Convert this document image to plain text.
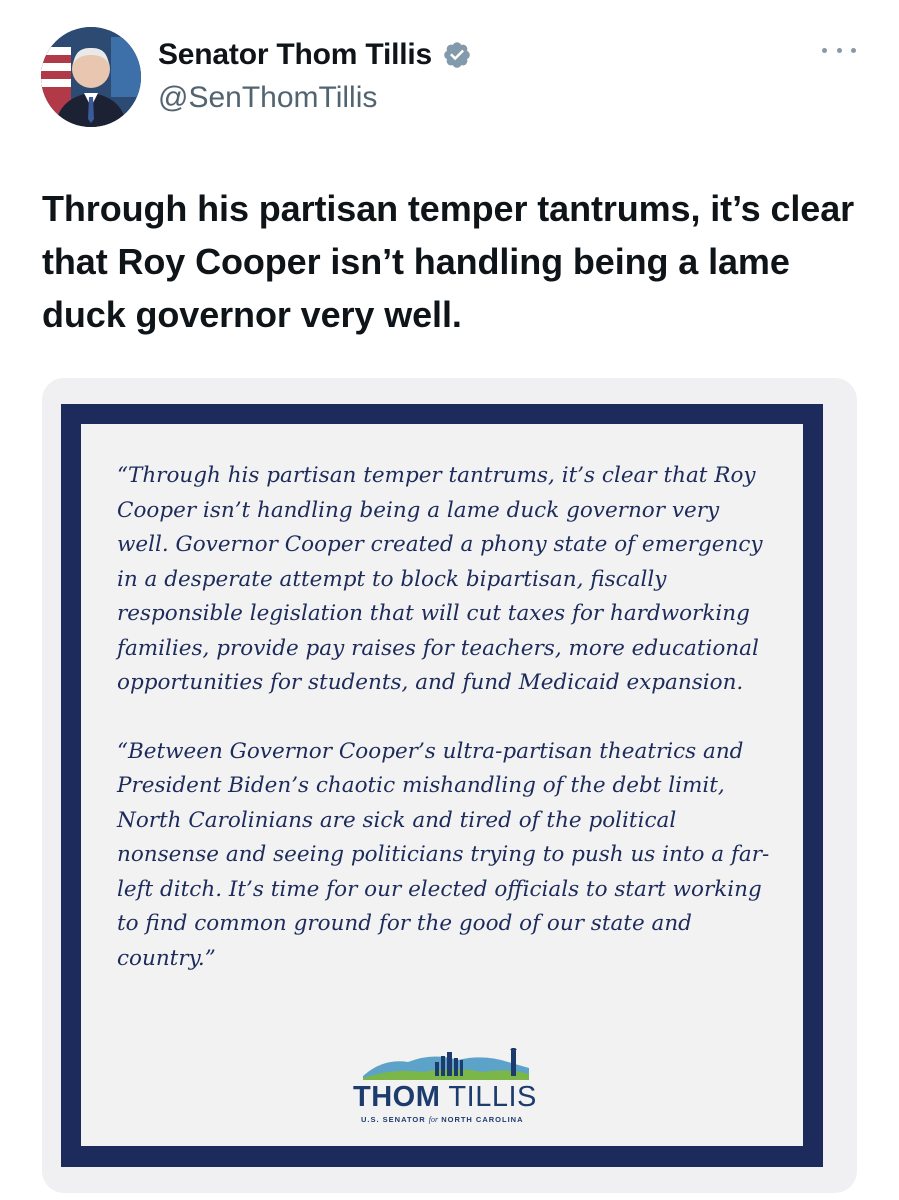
Senator Thom Tillis
@SenThomTillis
Through his partisan temper tantrums, it’s clear that Roy Cooper isn’t handling being a lame duck governor very well.

“Through his partisan temper tantrums, it’s clear that Roy Cooper isn’t handling being a lame duck governor very well. Governor Cooper created a phony state of emergency in a desperate attempt to block bipartisan, fiscally responsible legislation that will cut taxes for hardworking families, provide pay raises for teachers, more educational opportunities for students, and fund Medicaid expansion.

“Between Governor Cooper’s ultra-partisan theatrics and President Biden’s chaotic mishandling of the debt limit, North Carolinians are sick and tired of the political nonsense and seeing politicians trying to push us into a far-left ditch. It’s time for our elected officials to start working to find common ground for the good of our state and country.”

THOM TILLIS
U.S. SENATOR for NORTH CAROLINA
